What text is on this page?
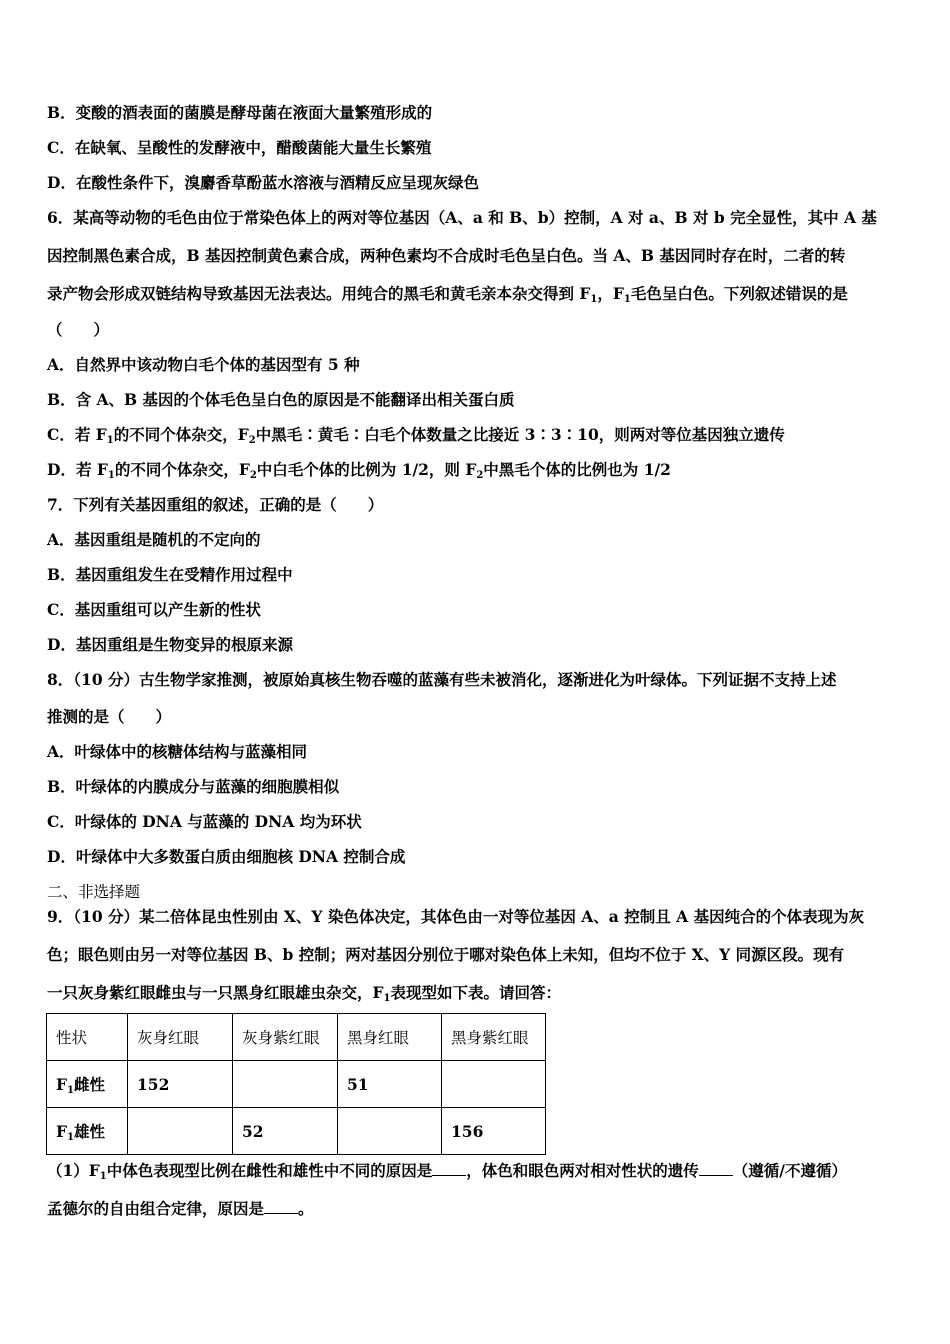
B．变酸的酒表面的菌膜是酵母菌在液面大量繁殖形成的
C．在缺氧、呈酸性的发酵液中，醋酸菌能大量生长繁殖
D．在酸性条件下，溴麝香草酚蓝水溶液与酒精反应呈现灰绿色
6．某高等动物的毛色由位于常染色体上的两对等位基因（A、a 和 B、b）控制，A 对 a、B 对 b 完全显性，其中 A 基
因控制黑色素合成，B 基因控制黄色素合成，两种色素均不合成时毛色呈白色。当 A、B 基因同时存在时，二者的转
录产物会形成双链结构导致基因无法表达。用纯合的黑毛和黄毛亲本杂交得到 $F_1$，$F_1$毛色呈白色。下列叙述错误的是
（　　）
A．自然界中该动物白毛个体的基因型有 5 种
B．含 A、B 基因的个体毛色呈白色的原因是不能翻译出相关蛋白质
C．若 $F_1$的不同个体杂交，$F_2$中黑毛∶黄毛∶白毛个体数量之比接近 3∶3∶10，则两对等位基因独立遗传
D．若 $F_1$的不同个体杂交，$F_2$中白毛个体的比例为 1/2，则 $F_2$中黑毛个体的比例也为 1/2
7．下列有关基因重组的叙述，正确的是（　　）
A．基因重组是随机的不定向的
B．基因重组发生在受精作用过程中
C．基因重组可以产生新的性状
D．基因重组是生物变异的根原来源
8．（10 分）古生物学家推测，被原始真核生物吞噬的蓝藻有些未被消化，逐渐进化为叶绿体。下列证据不支持上述
推测的是（　　）
A．叶绿体中的核糖体结构与蓝藻相同
B．叶绿体的内膜成分与蓝藻的细胞膜相似
C．叶绿体的 DNA 与蓝藻的 DNA 均为环状
D．叶绿体中大多数蛋白质由细胞核 DNA 控制合成
二、非选择题
9．（10 分）某二倍体昆虫性别由 X、Y 染色体决定，其体色由一对等位基因 A、a 控制且 A 基因纯合的个体表现为灰
色；眼色则由另一对等位基因 B、b 控制；两对基因分别位于哪对染色体上未知，但均不位于 X、Y 同源区段。现有
一只灰身紫红眼雌虫与一只黑身红眼雄虫杂交，$F_1$表现型如下表。请回答：
性状	灰身红眼	灰身紫红眼	黑身红眼	黑身紫红眼
$F_1$雌性	152		51	
$F_1$雄性		52		156
$(1)F_1$中体色表现型比例在雌性和雄性中不同的原因是 ，体色和眼色两对相对性状的遗传 （遵循/不遵循）
孟德尔的自由组合定律，原因是 。
